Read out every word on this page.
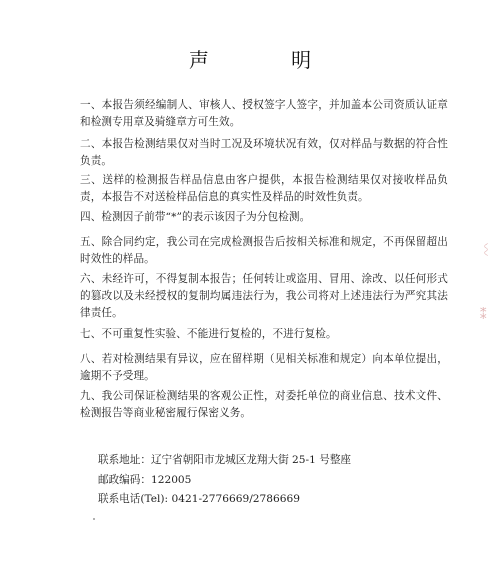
声 明

一、本报告须经编制人、审核人、授权签字人签字，并加盖本公司资质认证章和检测专用章及骑缝章方可生效。

二、本报告检测结果仅对当时工况及环境状况有效，仅对样品与数据的符合性负责。

三、送样的检测报告样品信息由客户提供，本报告检测结果仅对接收样品负责，本报告不对送检样品信息的真实性及样品的时效性负责。

四、检测因子前带“*”的表示该因子为分包检测。

五、除合同约定，我公司在完成检测报告后按相关标准和规定，不再保留超出时效性的样品。

六、未经许可，不得复制本报告；任何转让或盗用、冒用、涂改、以任何形式的篡改以及未经授权的复制均属违法行为，我公司将对上述违法行为严究其法律责任。

七、不可重复性实验、不能进行复检的，不进行复检。

八、若对检测结果有异议，应在留样期（见相关标准和规定）向本单位提出，逾期不予受理。

九、我公司保证检测结果的客观公正性，对委托单位的商业信息、技术文件、检测报告等商业秘密履行保密义务。

联系地址：辽宁省朝阳市龙城区龙翔大街 25-1 号整座

邮政编码：122005

联系电话(Tel): 0421-2776669/2786669

〰
⁑
